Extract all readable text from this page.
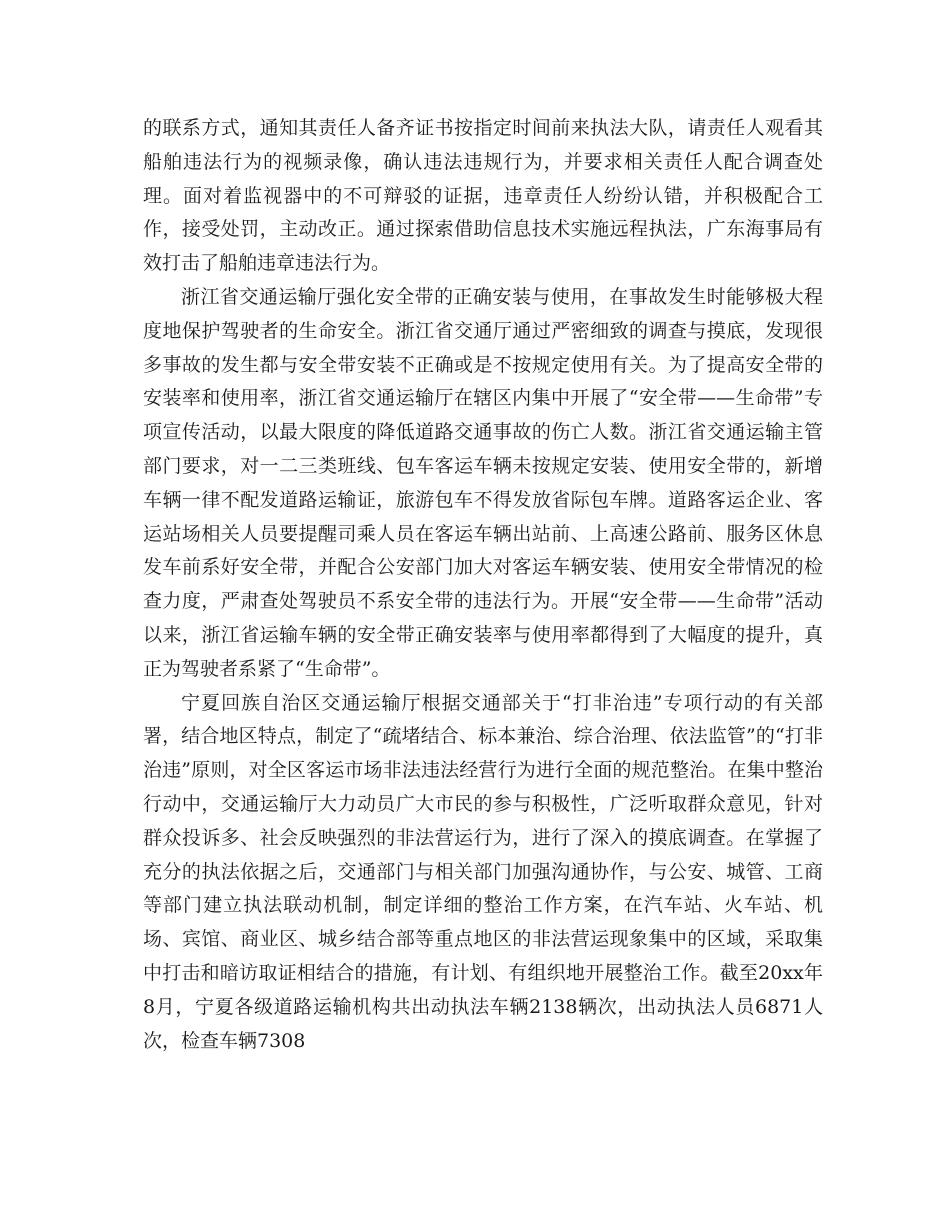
的联系方式，通知其责任人备齐证书按指定时间前来执法大队，请责任人观看其船舶违法行为的视频录像，确认违法违规行为，并要求相关责任人配合调查处理。面对着监视器中的不可辩驳的证据，违章责任人纷纷认错，并积极配合工作，接受处罚，主动改正。通过探索借助信息技术实施远程执法，广东海事局有效打击了船舶违章违法行为。

浙江省交通运输厅强化安全带的正确安装与使用，在事故发生时能够极大程度地保护驾驶者的生命安全。浙江省交通厅通过严密细致的调查与摸底，发现很多事故的发生都与安全带安装不正确或是不按规定使用有关。为了提高安全带的安装率和使用率，浙江省交通运输厅在辖区内集中开展了“安全带——生命带”专项宣传活动，以最大限度的降低道路交通事故的伤亡人数。浙江省交通运输主管部门要求，对一二三类班线、包车客运车辆未按规定安装、使用安全带的，新增车辆一律不配发道路运输证，旅游包车不得发放省际包车牌。道路客运企业、客运站场相关人员要提醒司乘人员在客运车辆出站前、上高速公路前、服务区休息发车前系好安全带，并配合公安部门加大对客运车辆安装、使用安全带情况的检查力度，严肃查处驾驶员不系安全带的违法行为。开展“安全带——生命带”活动以来，浙江省运输车辆的安全带正确安装率与使用率都得到了大幅度的提升，真正为驾驶者系紧了“生命带”。

宁夏回族自治区交通运输厅根据交通部关于“打非治违”专项行动的有关部署，结合地区特点，制定了“疏堵结合、标本兼治、综合治理、依法监管”的“打非治违”原则，对全区客运市场非法违法经营行为进行全面的规范整治。在集中整治行动中，交通运输厅大力动员广大市民的参与积极性，广泛听取群众意见，针对群众投诉多、社会反映强烈的非法营运行为，进行了深入的摸底调查。在掌握了充分的执法依据之后，交通部门与相关部门加强沟通协作，与公安、城管、工商等部门建立执法联动机制，制定详细的整治工作方案，在汽车站、火车站、机场、宾馆、商业区、城乡结合部等重点地区的非法营运现象集中的区域，采取集中打击和暗访取证相结合的措施，有计划、有组织地开展整治工作。截至20xx年8月，宁夏各级道路运输机构共出动执法车辆2138辆次，出动执法人员6871人次，检查车辆7308
